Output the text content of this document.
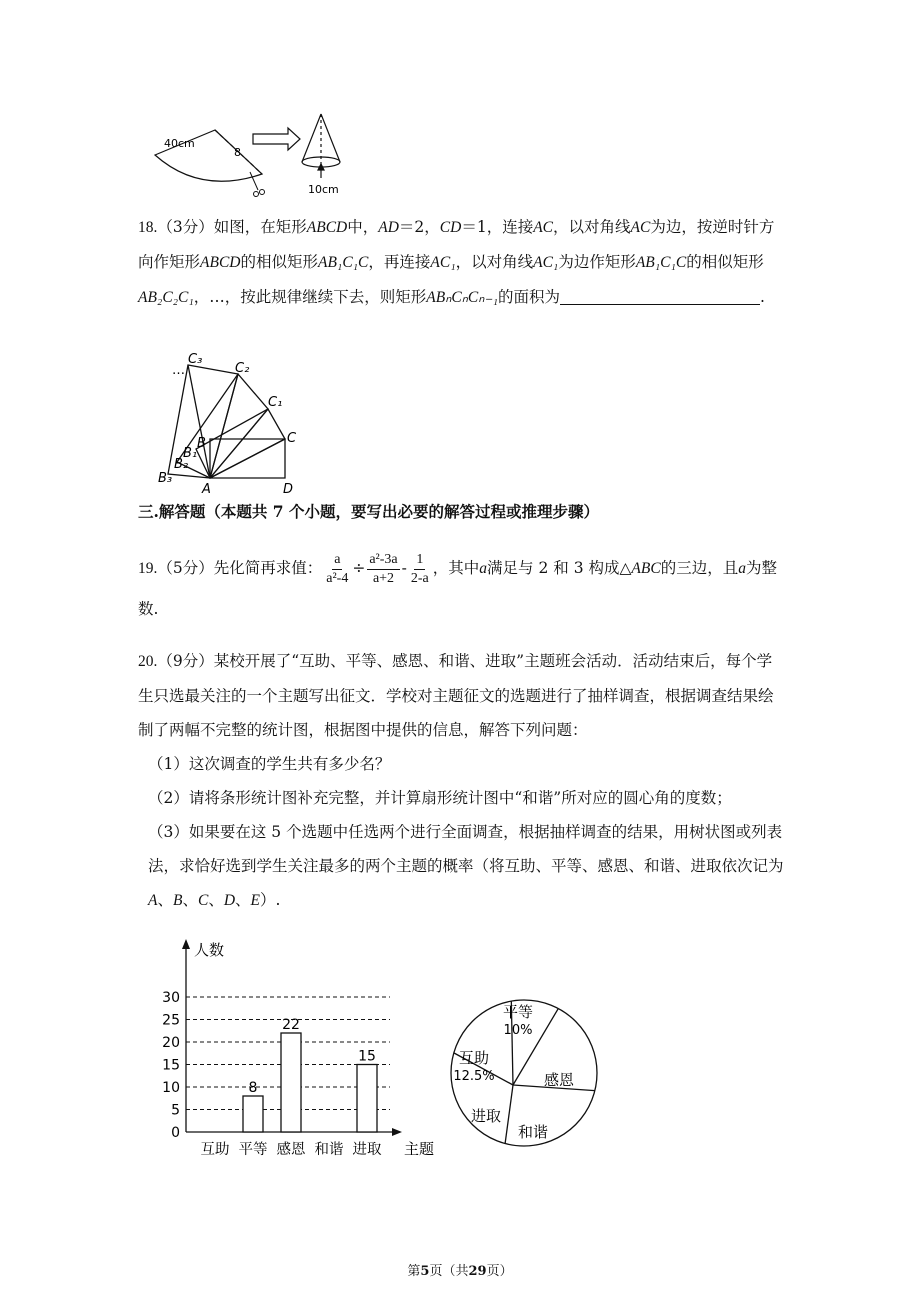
40cm
8
10cm
18.（3分）如图，在矩形ABCD中，AD＝2，CD＝1，连接AC，以对角线AC为边，按逆时针方向作矩形ABCD的相似矩形AB₁C₁C，再连接AC₁，以对角线AC₁为边作矩形AB₁C₁C的相似矩形AB₂C₂C₁，…，按此规律继续下去，则矩形ABₙCₙCₙ₋₁的面积为	.
C₃
…	C₂
C₁
C
B
B₁
B₂
B₃
A	D
三.解答题（本题共 7 个小题，要写出必要的解答过程或推理步骤）
19.（5分）先化简再求值： $\frac{a}{\text{a²-4}} \div \frac{\text{a²-3a}}{a+2} - \frac{1}{2-a}$ ，其中a满足与 2 和 3 构成△ABC的三边，且a为整数.
20.（9分）某校开展了“互助、平等、感恩、和谐、进取”主题班会活动．活动结束后，每个学生只选最关注的一个主题写出征文．学校对主题征文的选题进行了抽样调查，根据调查结果绘制了两幅不完整的统计图，根据图中提供的信息，解答下列问题：
（1）这次调查的学生共有多少名？
（2）请将条形统计图补充完整，并计算扇形统计图中“和谐”所对应的圆心角的度数；
（3）如果要在这 5 个选题中任选两个进行全面调查，根据抽样调查的结果，用树状图或列表法，求恰好选到学生关注最多的两个主题的概率（将互助、平等、感恩、和谐、进取依次记为A、B、C、D、E）.
人数
主题
0
5
10
15
20
25
30
互助 平等
8
感恩
22
和谐 进取
15
平等
10%
感恩
和谐
进取
互助
12.5%
第5页（共29页）
